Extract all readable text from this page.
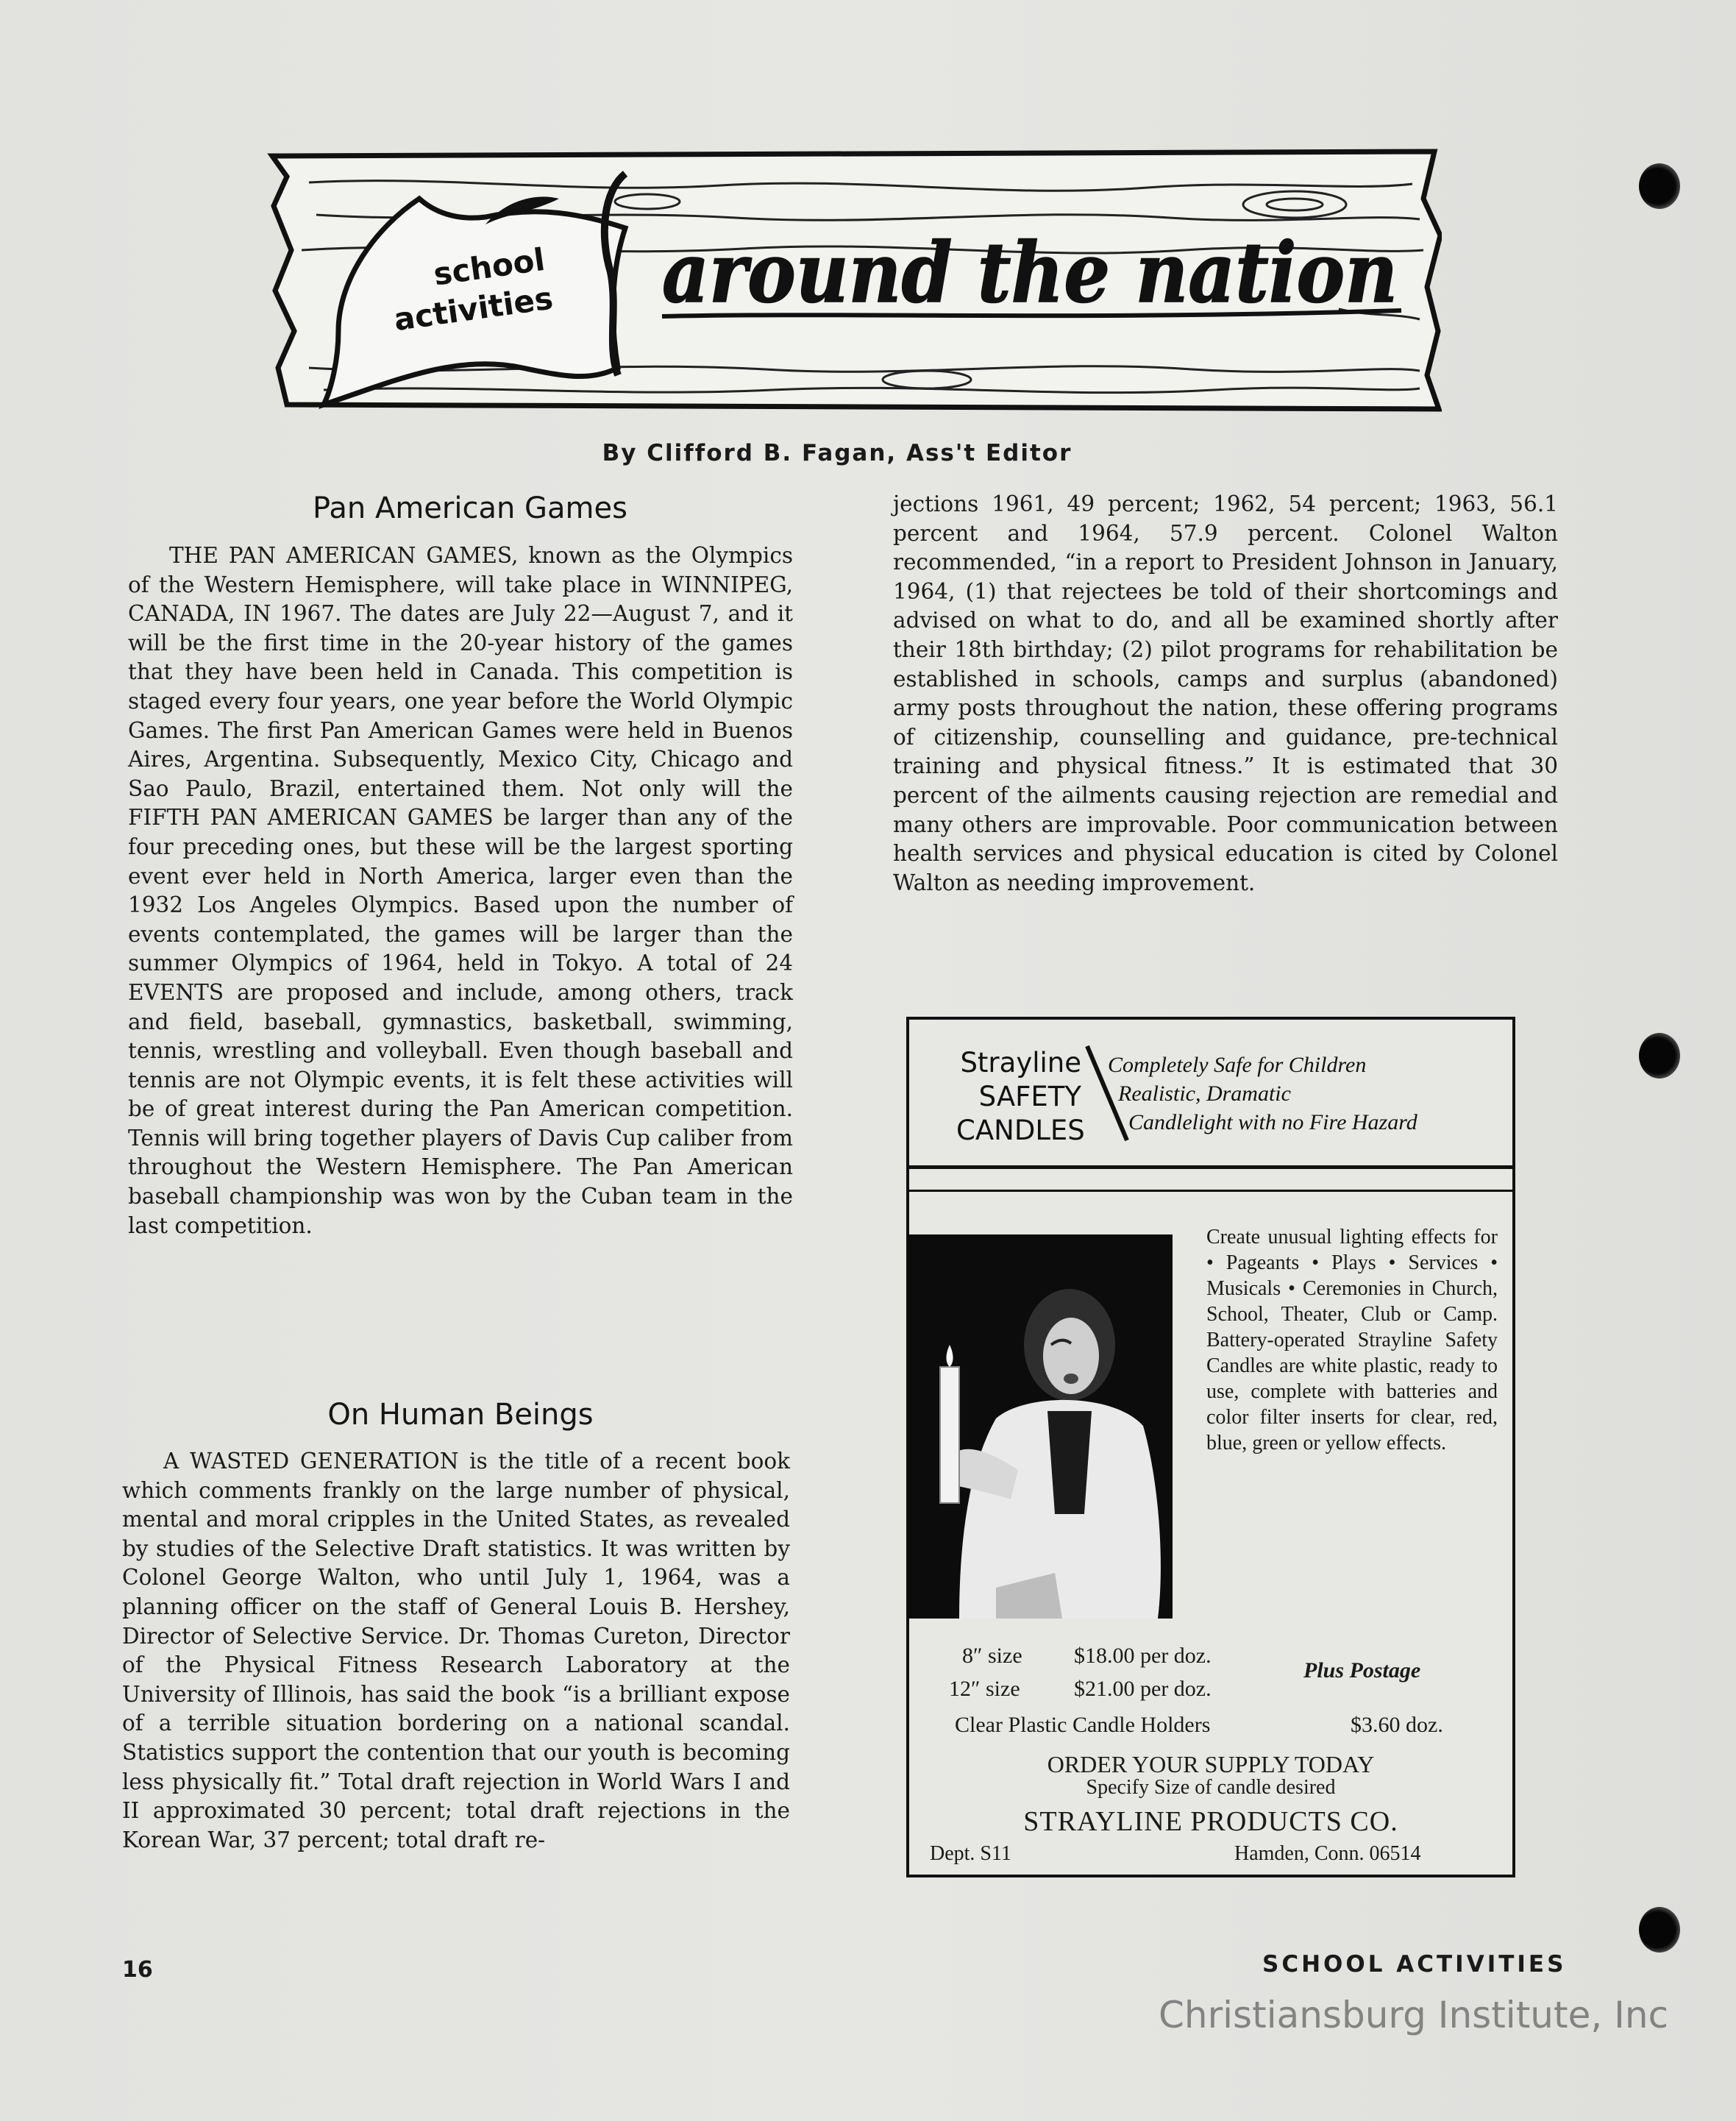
school
activities around the nation
By Clifford B. Fagan, Ass't Editor
Pan American Games

THE PAN AMERICAN GAMES, known as the Olympics of the Western Hemisphere, will take place in WINNIPEG, CANADA, IN 1967. The dates are July 22—August 7, and it will be the first time in the 20-year history of the games that they have been held in Canada. This competition is staged every four years, one year before the World Olympic Games. The first Pan American Games were held in Buenos Aires, Argentina. Subsequently, Mexico City, Chicago and Sao Paulo, Brazil, entertained them. Not only will the FIFTH PAN AMERICAN GAMES be larger than any of the four preceding ones, but these will be the largest sporting event ever held in North America, larger even than the 1932 Los Angeles Olympics. Based upon the number of events contemplated, the games will be larger than the summer Olympics of 1964, held in Tokyo. A total of 24 EVENTS are proposed and include, among others, track and field, baseball, gymnastics, basketball, swimming, tennis, wrestling and volleyball. Even though baseball and tennis are not Olympic events, it is felt these activities will be of great interest during the Pan American competition. Tennis will bring together players of Davis Cup caliber from throughout the Western Hemisphere. The Pan American baseball championship was won by the Cuban team in the last competition.

On Human Beings

A WASTED GENERATION is the title of a recent book which comments frankly on the large number of physical, mental and moral cripples in the United States, as revealed by studies of the Selective Draft statistics. It was written by Colonel George Walton, who until July 1, 1964, was a planning officer on the staff of General Louis B. Hershey, Director of Selective Service. Dr. Thomas Cureton, Director of the Physical Fitness Research Laboratory at the University of Illinois, has said the book “is a brilliant expose of a terrible situation bordering on a national scandal. Statistics support the contention that our youth is becoming less physically fit.” Total draft rejection in World Wars I and II approximated 30 percent; total draft rejections in the Korean War, 37 percent; total draft re-

jections 1961, 49 percent; 1962, 54 percent; 1963, 56.1 percent and 1964, 57.9 percent. Colonel Walton recommended, “in a report to President Johnson in January, 1964, (1) that rejectees be told of their shortcomings and advised on what to do, and all be examined shortly after their 18th birthday; (2) pilot programs for rehabilitation be established in schools, camps and surplus (abandoned) army posts throughout the nation, these offering programs of citizenship, counselling and guidance, pre-technical training and physical fitness.” It is estimated that 30 percent of the ailments causing rejection are remedial and many others are improvable. Poor communication between health services and physical education is cited by Colonel Walton as needing improvement.

Strayline
SAFETY
CANDLES
Completely Safe for Children
Realistic, Dramatic
Candlelight with no Fire Hazard
Create unusual lighting effects for • Pageants • Plays • Services • Musicals • Ceremonies in Church, School, Theater, Club or Camp. Battery-operated Strayline Safety Candles are white plastic, ready to use, complete with batteries and color filter inserts for clear, red, blue, green or yellow effects.
8″ size $18.00 per doz.
12″ size $21.00 per doz.
Plus Postage
Clear Plastic Candle Holders	$3.60 doz.
ORDER YOUR SUPPLY TODAY
Specify Size of candle desired
STRAYLINE PRODUCTS CO.
Dept. S11	Hamden, Conn. 06514
16	SCHOOL ACTIVITIES
Christiansburg Institute, Inc
